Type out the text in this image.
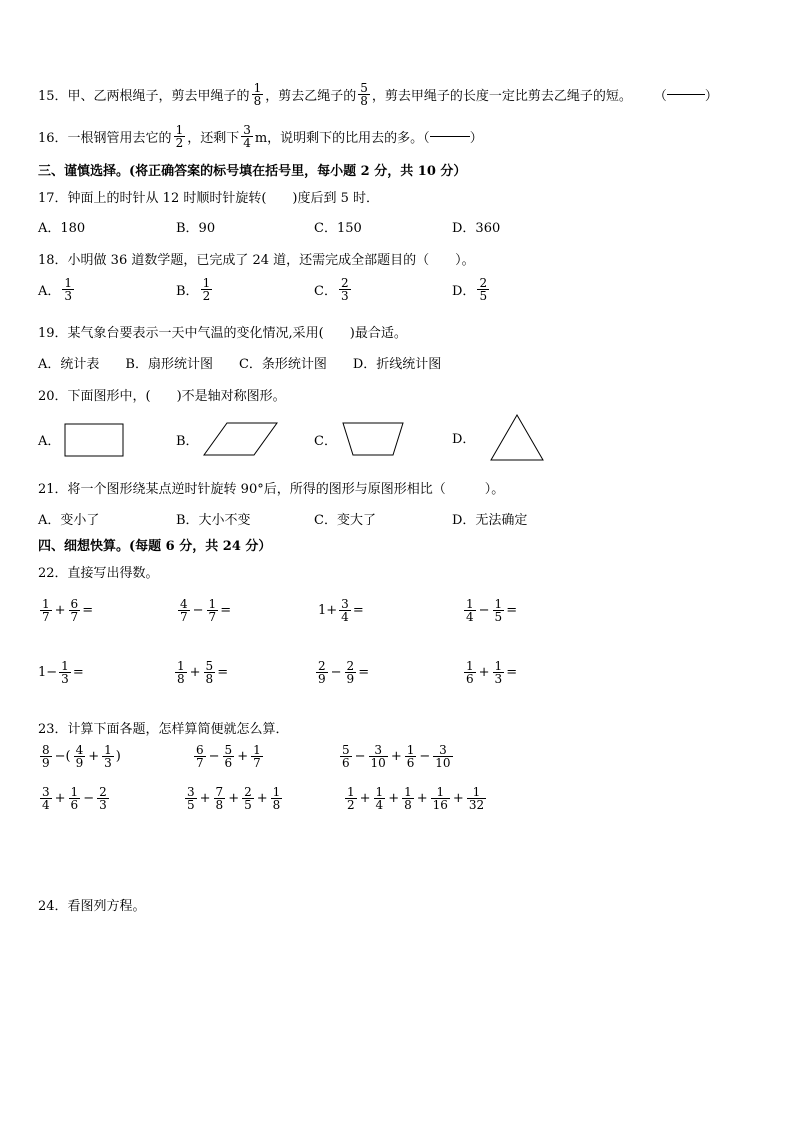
15． 甲、乙两根绳子，剪去甲绳子的 $\frac{1}{8}$ ，剪去乙绳子的 $\frac{5}{8}$ ，剪去甲绳子的长度一定比剪去乙绳子的短。 （	）
16． 一根钢管用去它的 $\frac{1}{2}$ ，还剩下 $\frac{3}{4}$ m，说明剩下的比用去的多。（	）
三、谨慎选择。(将正确答案的标号填在括号里，每小题 2 分，共 10 分）
17．钟面上的时针从 12 时顺时针旋转(　　)度后到 5 时．
A．180	B．90	C．150	D．360
18．小明做 36 道数学题，已完成了 24 道，还需完成全部题目的（　　）。
A． $\frac{1}{3}$	B． $\frac{1}{2}$	C． $\frac{2}{3}$	D． $\frac{2}{5}$
19．某气象台要表示一天中气温的变化情况,采用(　　)最合适。
A．统计表　　B．扇形统计图　　C．条形统计图　　D．折线统计图
20．下面图形中，(　　)不是轴对称图形。
A．	B．	C．	D．
21．将一个图形绕某点逆时针旋转 90°后，所得的图形与原图形相比（　　　）。
A．变小了	B．大小不变	C．变大了	D．无法确定
四、细想快算。(每题 6 分，共 24 分）
22．直接写出得数。
$\frac{1}{7} + \frac{6}{7}$ =	$\frac{4}{7} - \frac{1}{7}$ =	$1+ \frac{3}{4}$ =	$\frac{1}{4} - \frac{1}{5}$ =
$1- \frac{1}{3}$ =	$\frac{1}{8} + \frac{5}{8}$ =	$\frac{2}{9} - \frac{2}{9}$ =	$\frac{1}{6} + \frac{1}{3}$ =
23．计算下面各题，怎样算简便就怎么算．
$\frac{8}{9}$ −( $\frac{4}{9} + \frac{1}{3}$ )	$\frac{6}{7} - \frac{5}{6} + \frac{1}{7}$	$\frac{5}{6} - \frac{3}{10} + \frac{1}{6} - \frac{3}{10}$
$\frac{3}{4} + \frac{1}{6} - \frac{2}{3}$	$\frac{3}{5} + \frac{7}{8} + \frac{2}{5} + \frac{1}{8}$	$\frac{1}{2} + \frac{1}{4} + \frac{1}{8} + \frac{1}{16} + \frac{1}{32}$
24．看图列方程。
